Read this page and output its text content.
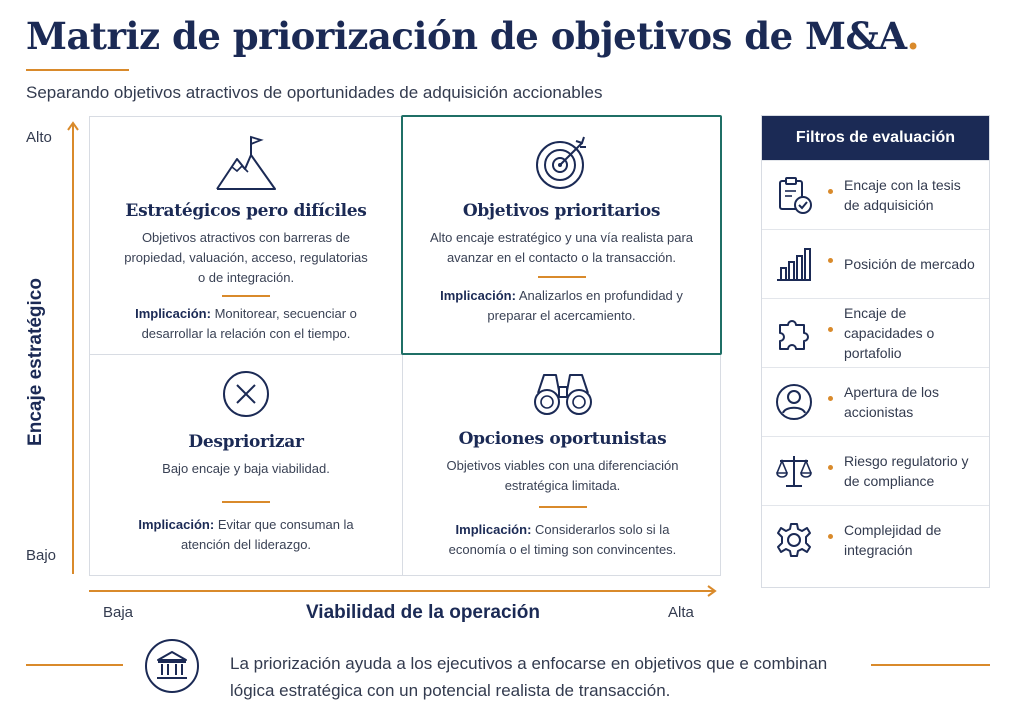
Matriz de priorización de objetivos de M&A.
Separando objetivos atractivos de oportunidades de adquisición accionables
Alto
Bajo
Encaje estratégico
Baja	Alta
Viabilidad de la operación
Estratégicos pero difíciles
Objetivos atractivos con barreras de propiedad, valuación, acceso, regulatorias o de integración.
Implicación: Monitorear, secuenciar o desarrollar la relación con el tiempo.
Objetivos prioritarios
Alto encaje estratégico y una vía realista para avanzar en el contacto o la transacción.
Implicación: Analizarlos en profundidad y preparar el acercamiento.
Despriorizar
Bajo encaje y baja viabilidad.
Implicación: Evitar que consuman la atención del liderazgo.
Opciones oportunistas
Objetivos viables con una diferenciación estratégica limitada.
Implicación: Considerarlos solo si la economía o el timing son convincentes.
Filtros de evaluación
Encaje con la tesis de adquisición
Posición de mercado
Encaje de capacidades o portafolio
Apertura de los accionistas
Riesgo regulatorio y de compliance
Complejidad de integración
La priorización ayuda a los ejecutivos a enfocarse en objetivos que e combinan lógica estratégica con un potencial realista de transacción.
